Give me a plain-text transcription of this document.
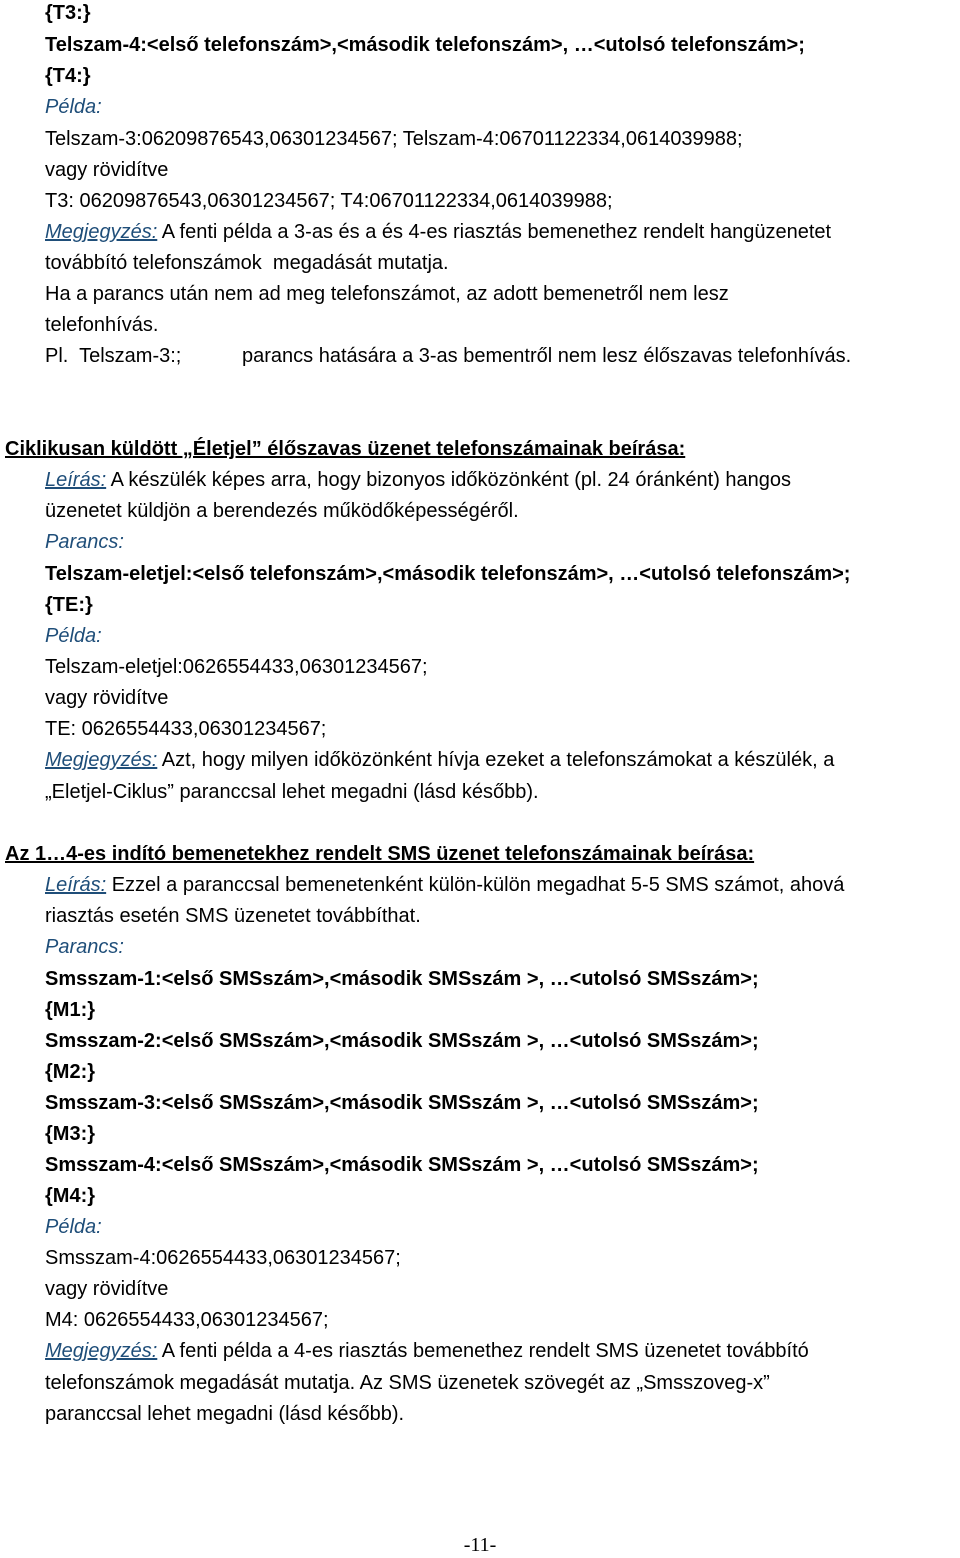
{T3:}
Telszam-4:<első telefonszám>,<második telefonszám>, …<utolsó telefonszám>;
{T4:}
Példa:
Telszam-3:06209876543,06301234567; Telszam-4:06701122334,0614039988;
vagy rövidítve
T3: 06209876543,06301234567; T4:06701122334,0614039988;
Megjegyzés: A fenti példa a 3-as és a és 4-es riasztás bemenethez rendelt hangüzenetet
továbbító telefonszámok  megadását mutatja.
Ha a parancs után nem ad meg telefonszámot, az adott bemenetről nem lesz
telefonhívás.
Pl.  Telszam-3:;	parancs hatására a 3-as bementről nem lesz élőszavas telefonhívás.
Ciklikusan küldött „Életjel” élőszavas üzenet telefonszámainak beírása:
Leírás: A készülék képes arra, hogy bizonyos időközönként (pl. 24 óránként) hangos
üzenetet küldjön a berendezés működőképességéről.
Parancs:
Telszam-eletjel:<első telefonszám>,<második telefonszám>, …<utolsó telefonszám>;
{TE:}
Példa:
Telszam-eletjel:0626554433,06301234567;
vagy rövidítve
TE: 0626554433,06301234567;
Megjegyzés: Azt, hogy milyen időközönként hívja ezeket a telefonszámokat a készülék, a
„Eletjel-Ciklus” paranccsal lehet megadni (lásd később).
Az 1…4-es indító bemenetekhez rendelt SMS üzenet telefonszámainak beírása:
Leírás: Ezzel a paranccsal bemenetenként külön-külön megadhat 5-5 SMS számot, ahová
riasztás esetén SMS üzenetet továbbíthat.
Parancs:
Smsszam-1:<első SMSszám>,<második SMSszám >, …<utolsó SMSszám>;
{M1:}
Smsszam-2:<első SMSszám>,<második SMSszám >, …<utolsó SMSszám>;
{M2:}
Smsszam-3:<első SMSszám>,<második SMSszám >, …<utolsó SMSszám>;
{M3:}
Smsszam-4:<első SMSszám>,<második SMSszám >, …<utolsó SMSszám>;
{M4:}
Példa:
Smsszam-4:0626554433,06301234567;
vagy rövidítve
M4: 0626554433,06301234567;
Megjegyzés: A fenti példa a 4-es riasztás bemenethez rendelt SMS üzenetet továbbító
telefonszámok megadását mutatja. Az SMS üzenetek szövegét az „Smsszoveg-x”
paranccsal lehet megadni (lásd később).
-11-
